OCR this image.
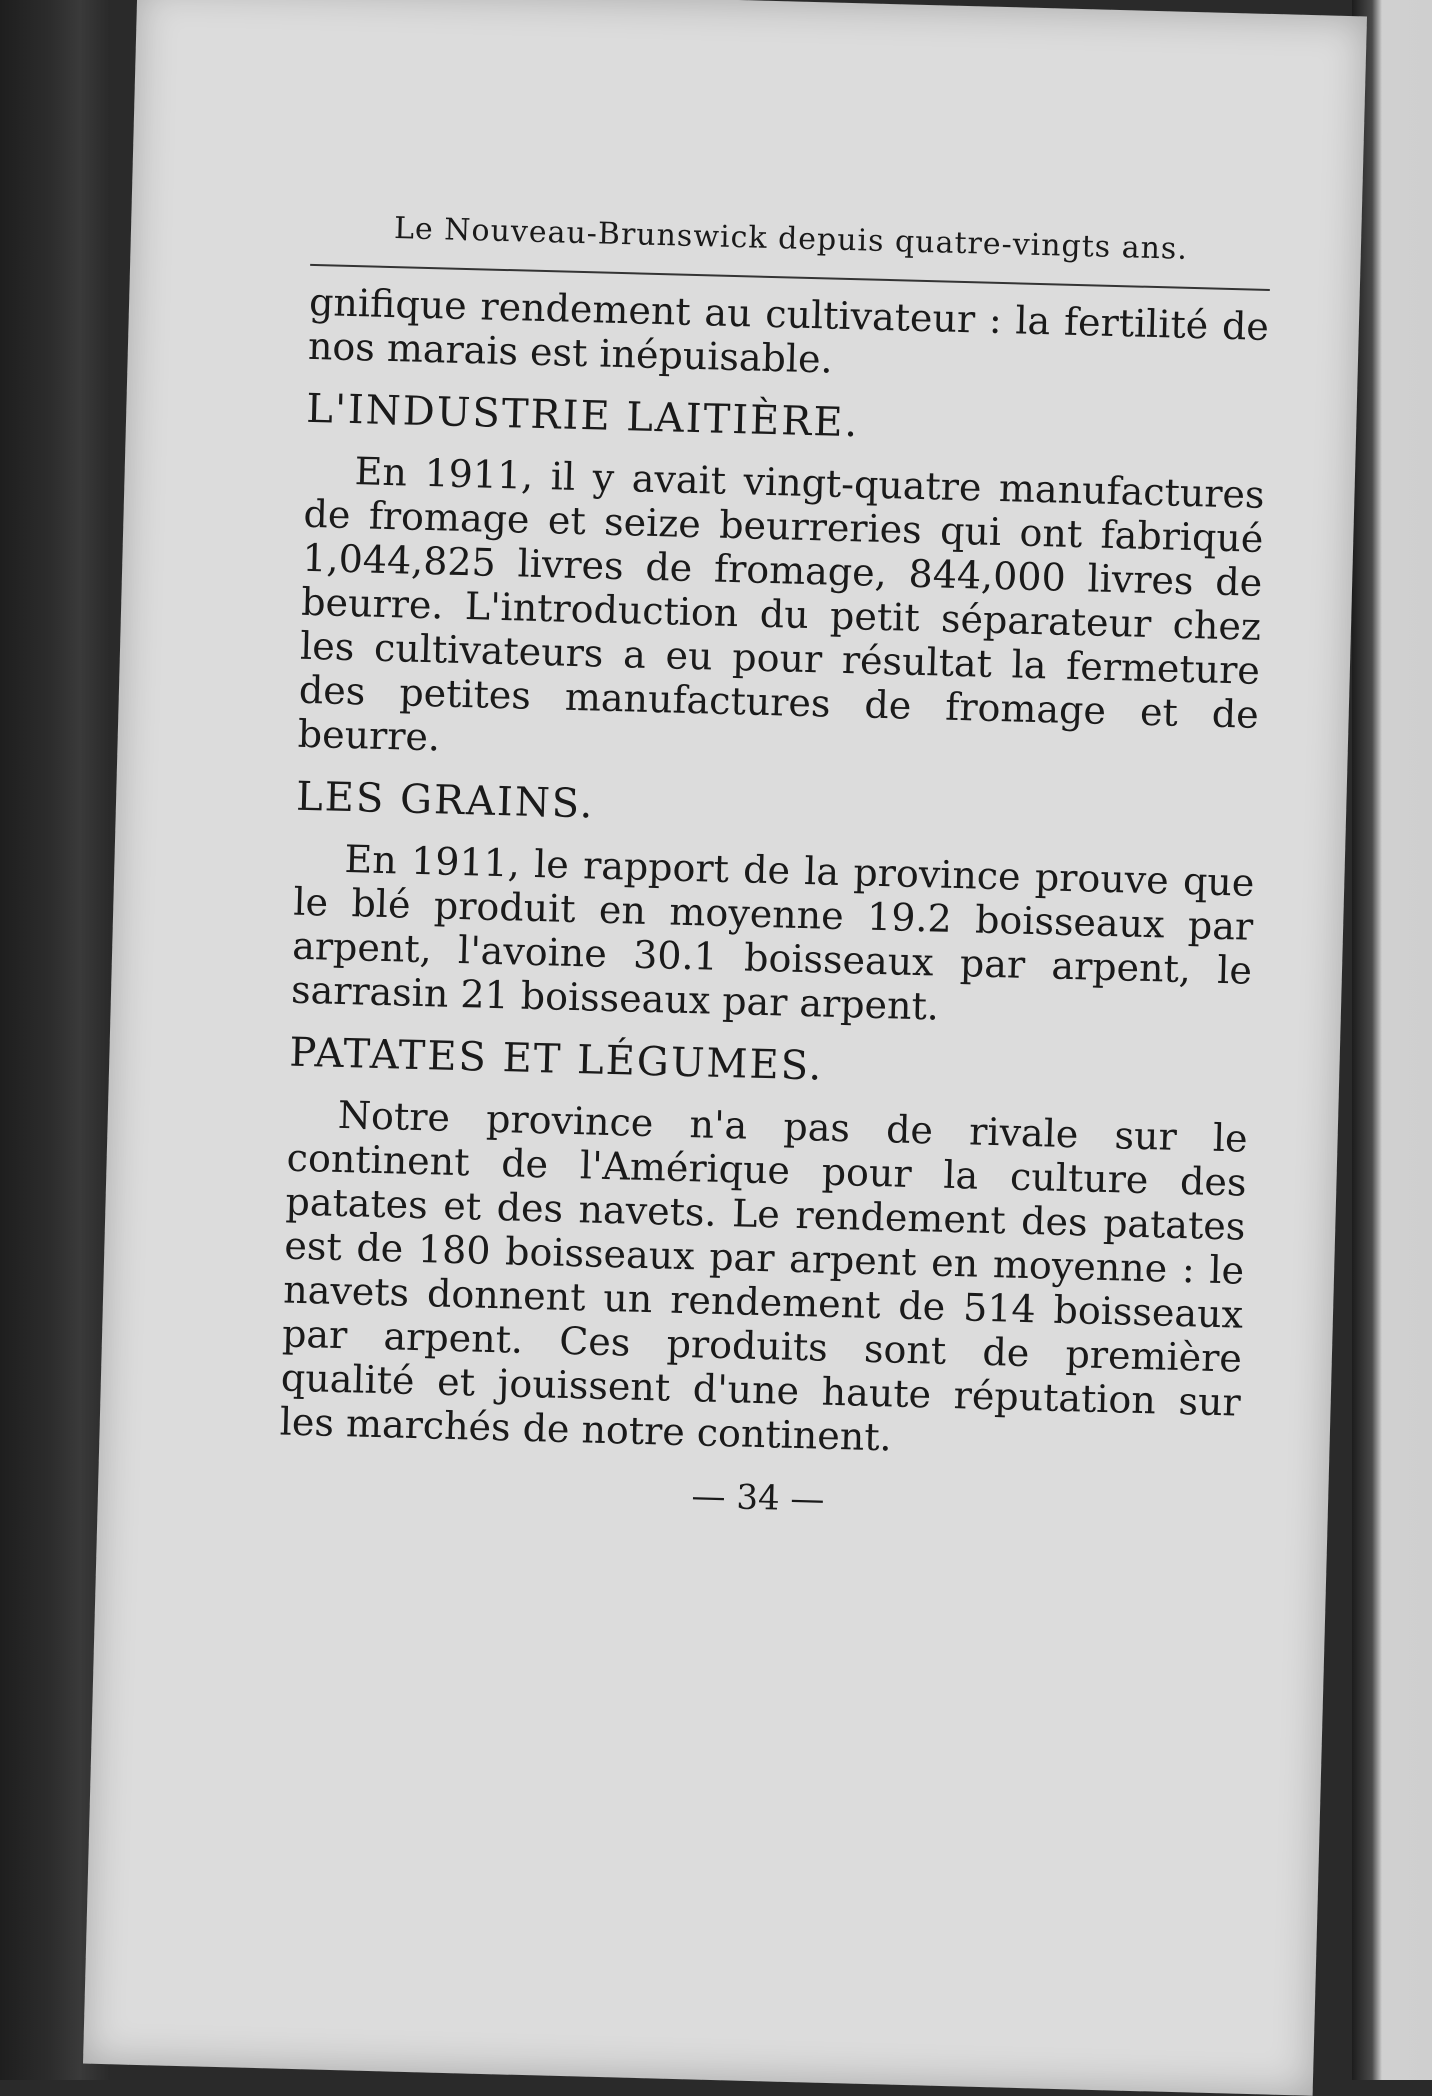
Le Nouveau-Brunswick depuis quatre-vingts ans.

gnifique rendement au cultivateur : la fertilité de nos marais est inépuisable.

L'INDUSTRIE LAITIÈRE.

En 1911, il y avait vingt-quatre manufactures de fromage et seize beurreries qui ont fabriqué 1,044,825 livres de fromage, 844,000 livres de beurre. L'introduction du petit séparateur chez les cultivateurs a eu pour résultat la fermeture des petites manufactures de fromage et de beurre.

LES GRAINS.

En 1911, le rapport de la province prouve que le blé produit en moyenne 19.2 boisseaux par arpent, l'avoine 30.1 boisseaux par arpent, le sarrasin 21 boisseaux par arpent.

PATATES ET LÉGUMES.

Notre province n'a pas de rivale sur le continent de l'Amérique pour la culture des patates et des navets. Le rendement des patates est de 180 boisseaux par arpent en moyenne : le navets donnent un rendement de 514 boisseaux par arpent. Ces produits sont de première qualité et jouissent d'une haute réputation sur les marchés de notre continent.

— 34 —
